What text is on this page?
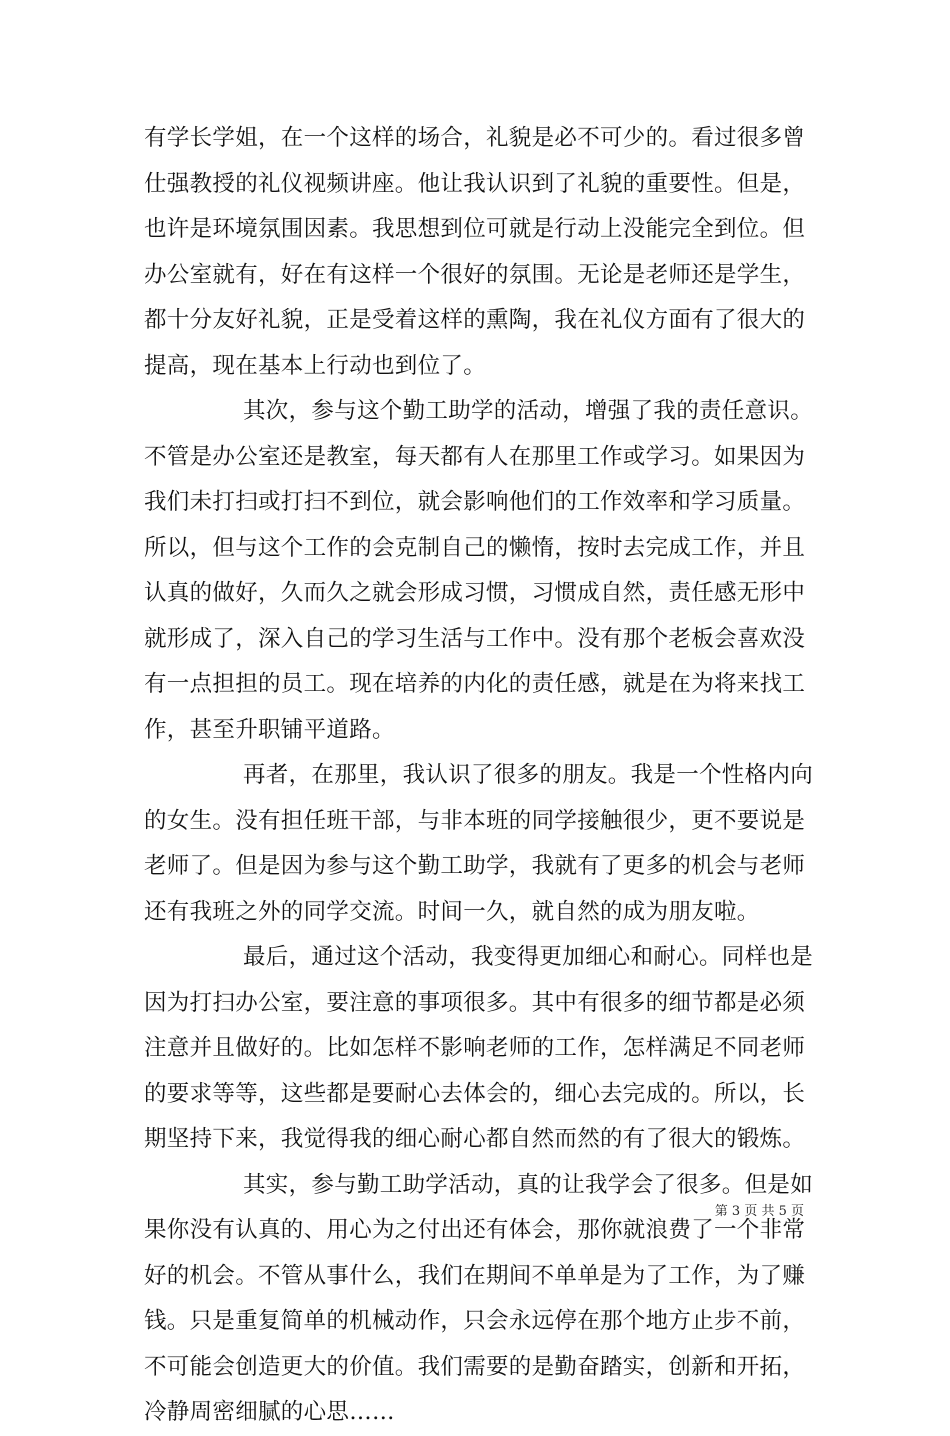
有学长学姐，在一个这样的场合，礼貌是必不可少的。看过很多曾
仕强教授的礼仪视频讲座。他让我认识到了礼貌的重要性。但是，
也许是环境氛围因素。我思想到位可就是行动上没能完全到位。但
办公室就有，好在有这样一个很好的氛围。无论是老师还是学生，
都十分友好礼貌，正是受着这样的熏陶，我在礼仪方面有了很大的
提高，现在基本上行动也到位了。
其次，参与这个勤工助学的活动，增强了我的责任意识。
不管是办公室还是教室，每天都有人在那里工作或学习。如果因为
我们未打扫或打扫不到位，就会影响他们的工作效率和学习质量。
所以，但与这个工作的会克制自己的懒惰，按时去完成工作，并且
认真的做好，久而久之就会形成习惯，习惯成自然，责任感无形中
就形成了，深入自己的学习生活与工作中。没有那个老板会喜欢没
有一点担担的员工。现在培养的内化的责任感，就是在为将来找工
作，甚至升职铺平道路。
再者，在那里，我认识了很多的朋友。我是一个性格内向
的女生。没有担任班干部，与非本班的同学接触很少，更不要说是
老师了。但是因为参与这个勤工助学，我就有了更多的机会与老师
还有我班之外的同学交流。时间一久，就自然的成为朋友啦。
最后，通过这个活动，我变得更加细心和耐心。同样也是
因为打扫办公室，要注意的事项很多。其中有很多的细节都是必须
注意并且做好的。比如怎样不影响老师的工作，怎样满足不同老师
的要求等等，这些都是要耐心去体会的，细心去完成的。所以，长
期坚持下来，我觉得我的细心耐心都自然而然的有了很大的锻炼。
其实，参与勤工助学活动，真的让我学会了很多。但是如
果你没有认真的、用心为之付出还有体会，那你就浪费了一个非常
好的机会。不管从事什么，我们在期间不单单是为了工作，为了赚
钱。只是重复简单的机械动作，只会永远停在那个地方止步不前，
不可能会创造更大的价值。我们需要的是勤奋踏实，创新和开拓，
冷静周密细腻的心思……
第 3 页 共 5 页
